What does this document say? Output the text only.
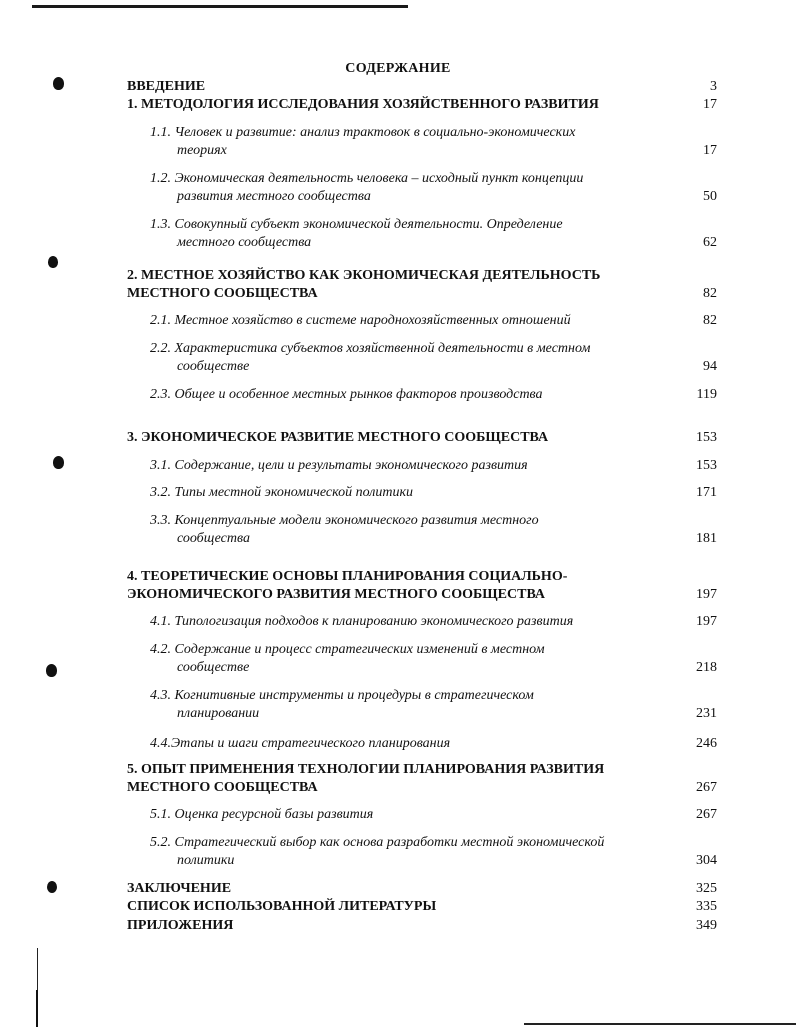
СОДЕРЖАНИЕ
ВВЕДЕНИЕ	3
1. МЕТОДОЛОГИЯ ИССЛЕДОВАНИЯ ХОЗЯЙСТВЕННОГО РАЗВИТИЯ	17
1.1. Человек и развитие: анализ трактовок в социально-экономических
теориях	17
1.2. Экономическая деятельность человека – исходный пункт концепции
развития местного сообщества	50
1.3. Совокупный субъект экономической деятельности. Определение
местного сообщества	62
2. МЕСТНОЕ ХОЗЯЙСТВО КАК ЭКОНОМИЧЕСКАЯ ДЕЯТЕЛЬНОСТЬ
МЕСТНОГО СООБЩЕСТВА	82
2.1. Местное хозяйство в системе народнохозяйственных отношений	82
2.2. Характеристика субъектов хозяйственной деятельности в местном
сообществе	94
2.3. Общее и особенное местных рынков факторов производства	119
3. ЭКОНОМИЧЕСКОЕ РАЗВИТИЕ МЕСТНОГО СООБЩЕСТВА	153
3.1. Содержание, цели и результаты экономического развития	153
3.2. Типы местной экономической политики	171
3.3. Концептуальные модели экономического развития местного
сообщества	181
4. ТЕОРЕТИЧЕСКИЕ ОСНОВЫ ПЛАНИРОВАНИЯ СОЦИАЛЬНО-
ЭКОНОМИЧЕСКОГО РАЗВИТИЯ МЕСТНОГО СООБЩЕСТВА	197
4.1. Типологизация подходов к планированию экономического развития	197
4.2. Содержание и процесс стратегических изменений в местном
сообществе	218
4.3. Когнитивные инструменты и процедуры в стратегическом
планировании	231
4.4.Этапы и шаги стратегического планирования	246
5. ОПЫТ ПРИМЕНЕНИЯ ТЕХНОЛОГИИ ПЛАНИРОВАНИЯ РАЗВИТИЯ
МЕСТНОГО СООБЩЕСТВА	267
5.1. Оценка ресурсной базы развития	267
5.2. Стратегический выбор как основа разработки местной экономической
политики	304
ЗАКЛЮЧЕНИЕ	325
СПИСОК ИСПОЛЬЗОВАННОЙ ЛИТЕРАТУРЫ	335
ПРИЛОЖЕНИЯ	349
